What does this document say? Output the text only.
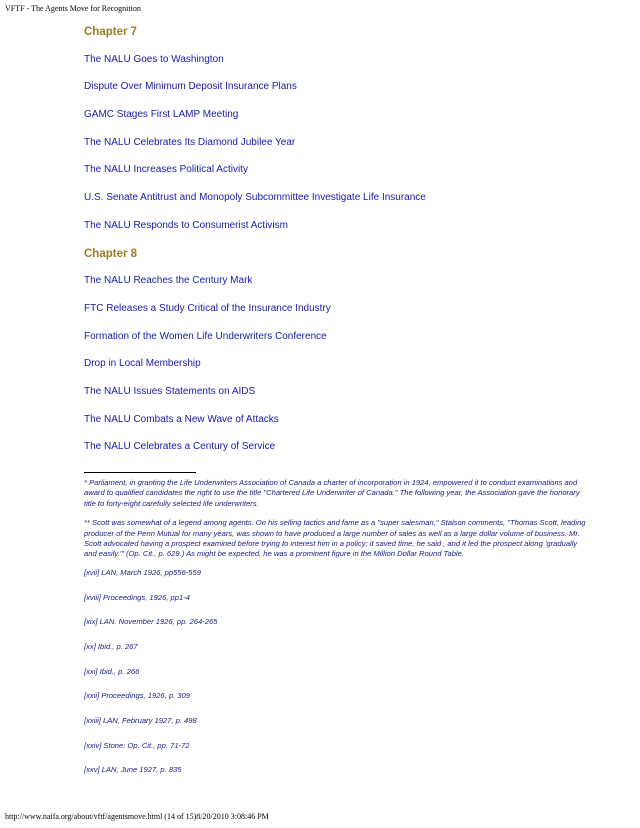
VFTF - The Agents Move for Recognition
Chapter 7
The NALU Goes to Washington
Dispute Over Minimum Deposit Insurance Plans
GAMC Stages First LAMP Meeting
The NALU Celebrates Its Diamond Jubilee Year
The NALU Increases Political Activity
U.S. Senate Antitrust and Monopoly Subcommittee Investigate Life Insurance
The NALU Responds to Consumerist Activism
Chapter 8
The NALU Reaches the Century Mark
FTC Releases a Study Critical of the Insurance Industry
Formation of the Women Life Underwriters Conference
Drop in Local Membership
The NALU Issues Statements on AIDS
The NALU Combats a New Wave of Attacks
The NALU Celebrates a Century of Service

* Parliament, in granting the Life Underwriters Association of Canada a charter of incorporation in 1924, empowered it to conduct examinations and award to qualified candidates the right to use the title "Chartered Life Underwriter of Canada." The following year, the Association gave the honorary title to forty-eight carefully selected life underwriters.

** Scott was somewhat of a legend among agents. On his selling tactics and fame as a "super salesman," Stalson comments, "Thomas Scott, leading producer of the Penn Mutual for many years, was shown to have produced a large number of sales as well as a large dollar volume of business. Mr. Scott advocated having a prospect examined before trying to interest him in a policy; it saved time, he said , and it led the prospect along 'gradually and easily.'" (Op. Cit., p. 629.) As might be expected, he was a prominent figure in the Million Dollar Round Table.

[xvii] LAN, March 1926, pp556-559
[xviii] Proceedings, 1926, pp1-4
[xix] LAN. November 1926, pp. 264-265
[xx] Ibid., p. 267
[xxi] Ibid., p. 266
[xxii] Proceedings, 1926, p. 309
[xxiii] LAN, February 1927, p. 498
[xxiv] Stone: Op. Cit., pp. 71-72
[xxv] LAN, June 1927, p. 835
http://www.naifa.org/about/vftf/agentsmove.html (14 of 15)8/20/2010 3:08:46 PM
